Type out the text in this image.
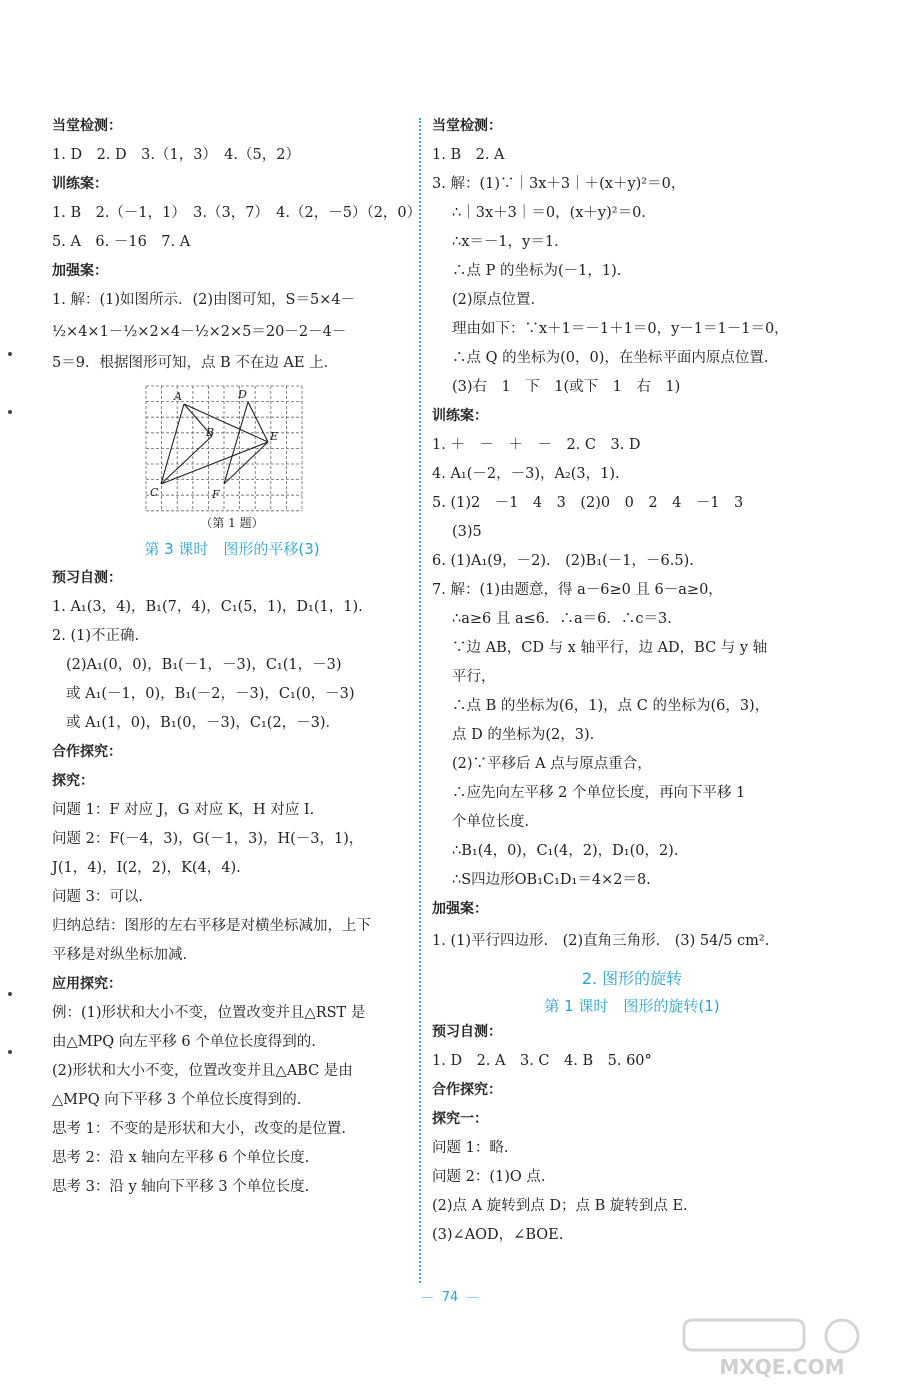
当堂检测：
1. D　2. D　3.（1，3）　4.（5，2）
训练案：
1. B　2.（－1，1）　3.（3，7）　4.（2，－5）（2，0）
5. A　6. －16　7. A
加强案：
1. 解：(1)如图所示．(2)由图可知，S＝5×4－
½×4×1－½×2×4－½×2×5＝20－2－4－
5＝9．根据图形可知，点 B 不在边 AE 上．
A
B
C
D
E
F
（第 1 题）
第 3 课时　图形的平移(3)
预习自测：
1. A₁(3，4)，B₁(7，4)，C₁(5，1)，D₁(1，1).
2. (1)不正确.
(2)A₁(0，0)，B₁(－1，－3)，C₁(1，－3)
或 A₁(－1，0)，B₁(－2，－3)，C₁(0，－3)
或 A₁(1，0)，B₁(0，－3)，C₁(2，－3)．
合作探究：
探究：
问题 1：F 对应 J，G 对应 K，H 对应 I.
问题 2：F(－4，3)，G(－1，3)，H(－3，1)，
J(1，4)，I(2，2)，K(4，4).
问题 3：可以.
归纳总结：图形的左右平移是对横坐标减加，上下
平移是对纵坐标加减.
应用探究：
例：(1)形状和大小不变，位置改变并且△RST 是
由△MPQ 向左平移 6 个单位长度得到的.
(2)形状和大小不变，位置改变并且△ABC 是由
△MPQ 向下平移 3 个单位长度得到的.
思考 1：不变的是形状和大小，改变的是位置.
思考 2：沿 x 轴向左平移 6 个单位长度.
思考 3：沿 y 轴向下平移 3 个单位长度.
当堂检测：
1. B　2. A
3. 解：(1)∵｜3x＋3｜＋(x＋y)²＝0，
∴｜3x＋3｜＝0，(x＋y)²＝0.
∴x＝－1，y＝1.
∴点 P 的坐标为(－1，1).
(2)原点位置.
理由如下：∵x＋1＝－1＋1＝0，y－1＝1－1＝0，
∴点 Q 的坐标为(0，0)，在坐标平面内原点位置.
(3)右　1　下　1(或下　1　右　1)
训练案：
1. ＋　－　＋　－　2. C　3. D
4. A₁(－2，－3)，A₂(3，1).
5. (1)2　－1　4　3　(2)0　0　2　4　－1　3
(3)5
6. (1)A₁(9，－2).　(2)B₁(－1，－6.5).
7. 解：(1)由题意，得 a－6≥0 且 6－a≥0，
∴a≥6 且 a≤6．∴a＝6．∴c＝3.
∵边 AB，CD 与 x 轴平行，边 AD，BC 与 y 轴
平行，
∴点 B 的坐标为(6，1)，点 C 的坐标为(6，3)，
点 D 的坐标为(2，3).
(2)∵平移后 A 点与原点重合，
∴应先向左平移 2 个单位长度，再向下平移 1
个单位长度.
∴B₁(4，0)，C₁(4，2)，D₁(0，2).
∴S四边形OB₁C₁D₁＝4×2＝8.
加强案：
1. (1)平行四边形.　(2)直角三角形.　(3) 54/5 cm².
2. 图形的旋转
第 1 课时　图形的旋转(1)
预习自测：
1. D　2. A　3. C　4. B　5. 60°
合作探究：
探究一：
问题 1：略.
问题 2：(1)O 点.
(2)点 A 旋转到点 D；点 B 旋转到点 E.
(3)∠AOD，∠BOE.
— 74 —
MXQE.COM
